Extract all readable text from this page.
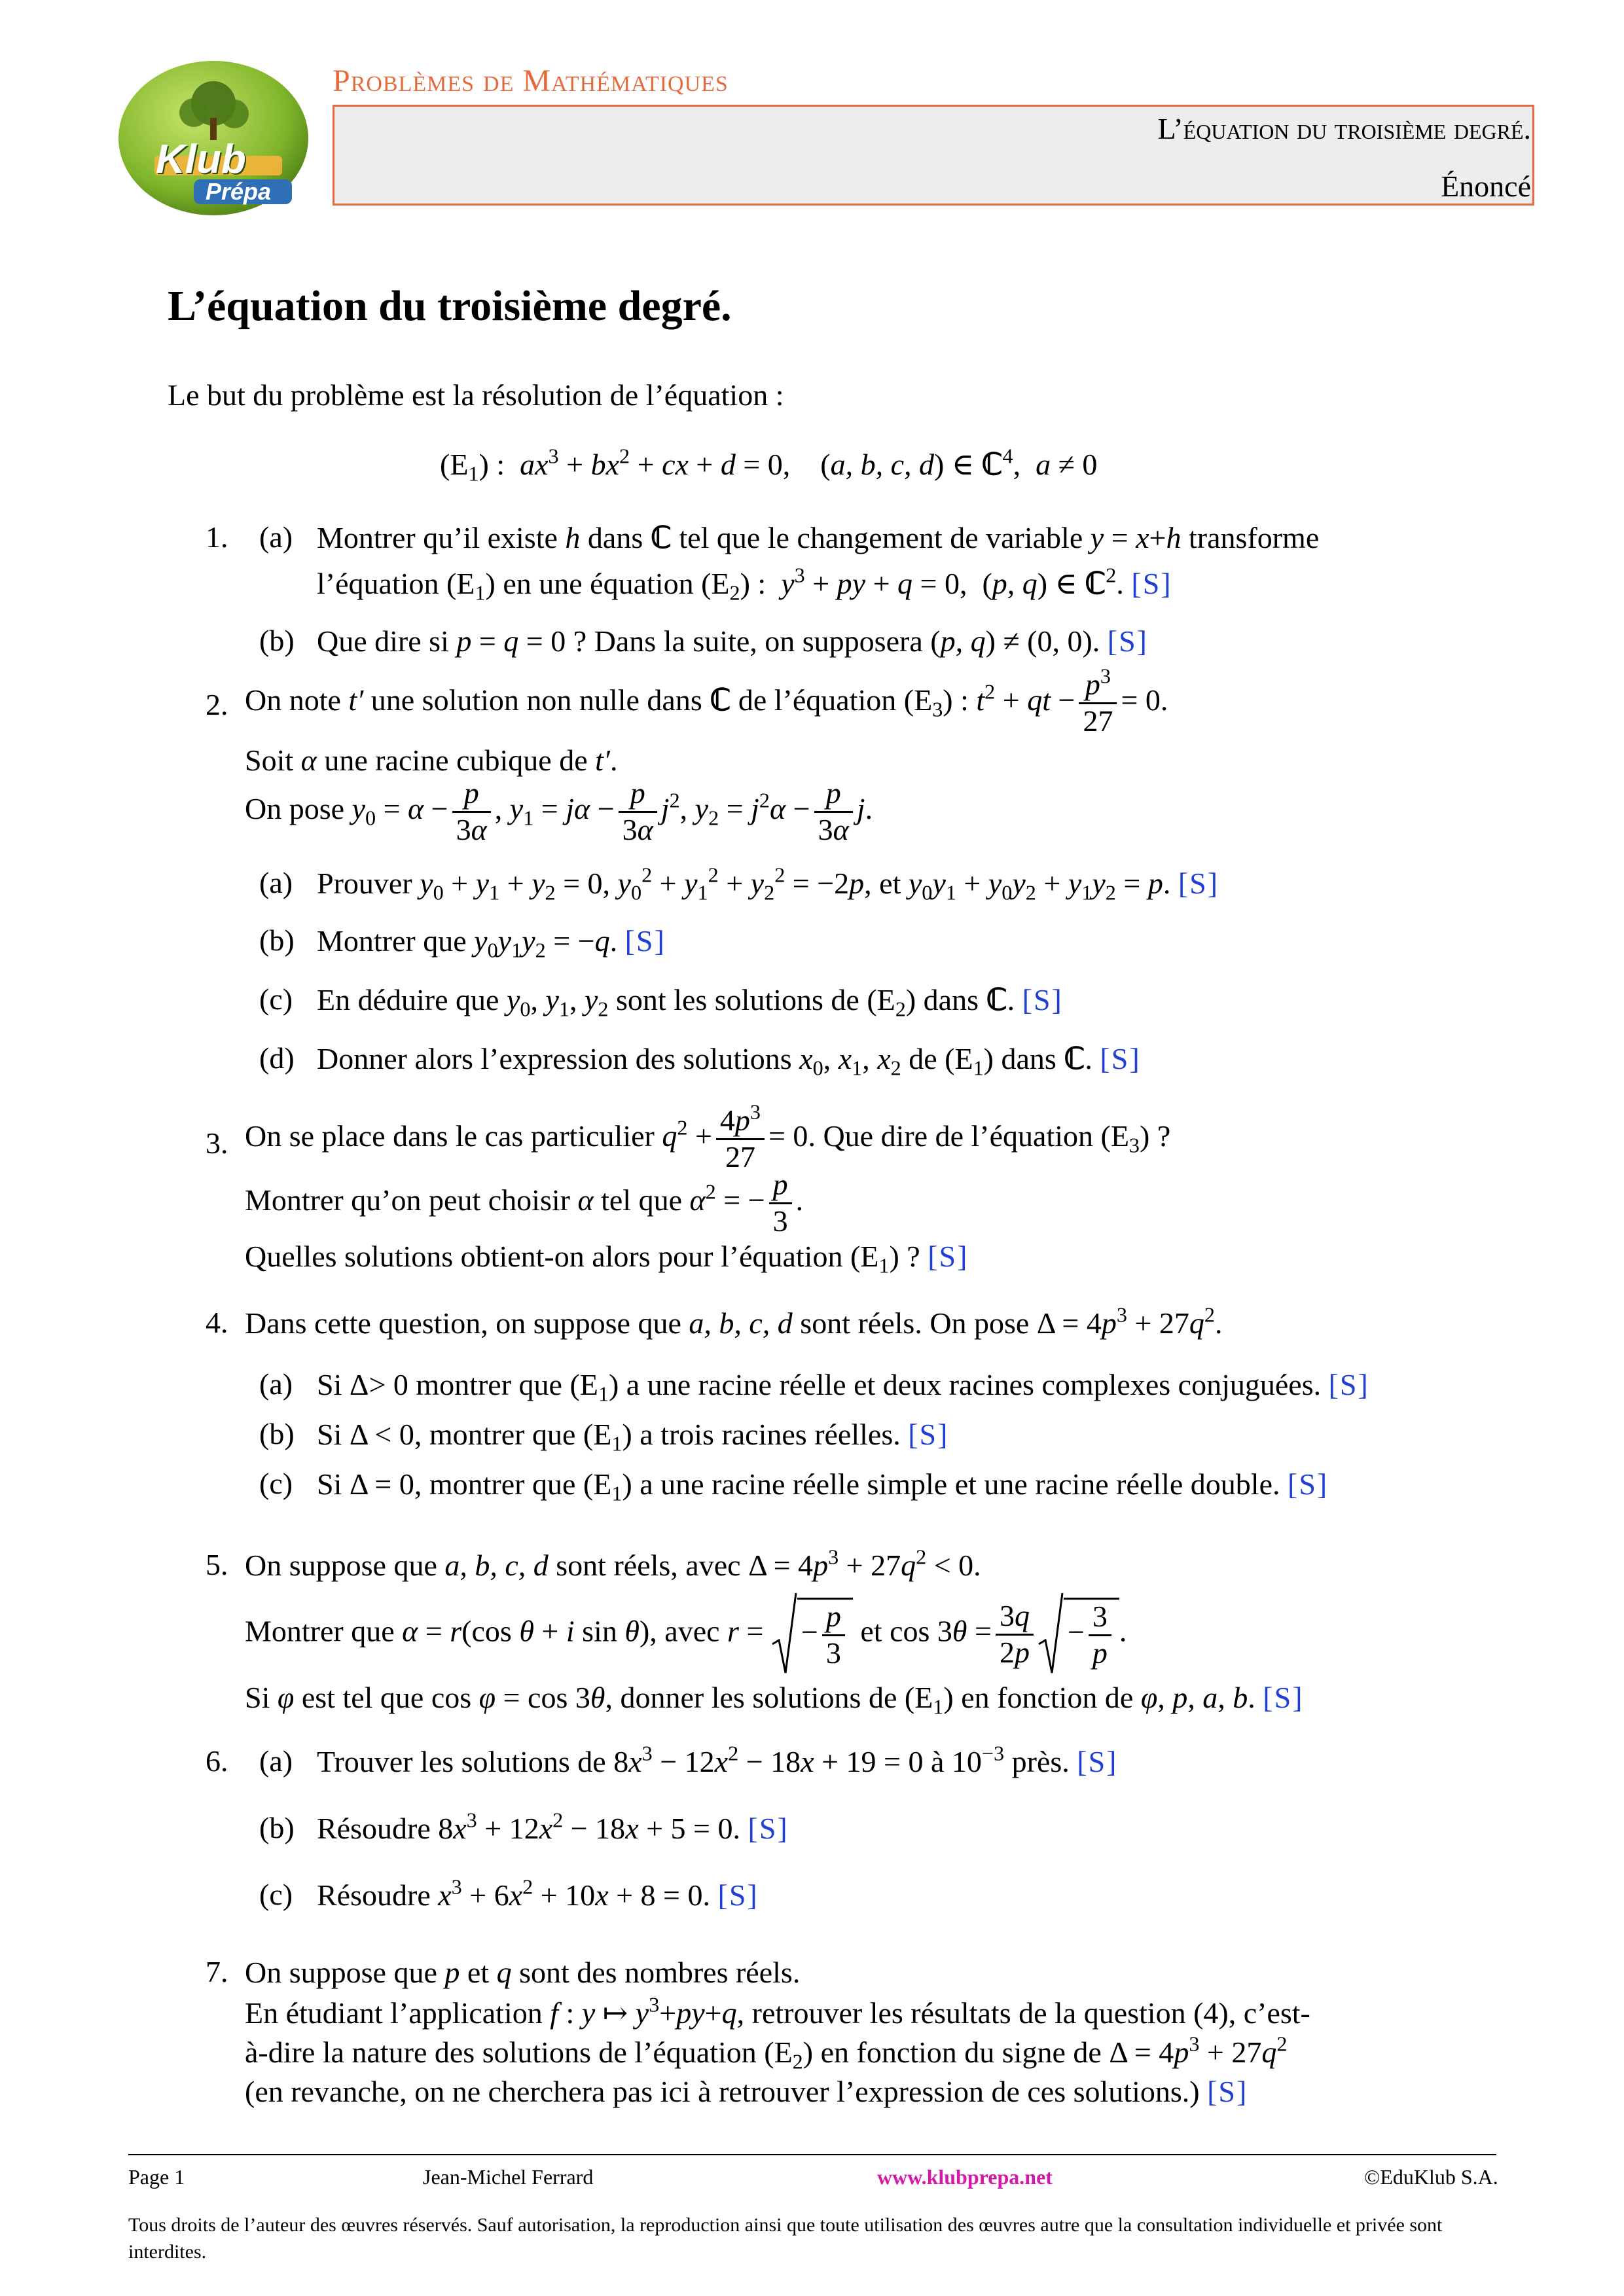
Klub
Prépa
Problèmes de Mathématiques
L’équation du troisième degré.
Énoncé
L’équation du troisième degré.
Le but du problème est la résolution de l’équation :
$(E_1)$ :  $ax^3 + bx^2$ + cx + d = 0,    (a, b, c, d) ∈ ℂ$^4$,  a ≠ 0
1. (a) Montrer qu’il existe h dans ℂ tel que le changement de variable y = x+h transforme
l’équation $(E_1)$ en une équation $(E_2)$ :  $y^3$ + py + q = 0,  (p, q) ∈ ℂ$^2$. [S]
(b) Que dire si p = q = 0 ? Dans la suite, on supposera (p, q) ≠ (0, 0). [S]
2. On note t′ une solution non nulle dans ℂ de l’équation $(E_3)$ : $t^2$ + qt − $\frac{p^3}{27} = 0$.
Soit α une racine cubique de t′.
On pose $y_0 = \alpha - \frac{p}{3\alpha}$ , $y_1 = j\alpha - \frac{p}{3\alpha} j^2$, $y_2 = j^2\alpha - \frac{p}{3\alpha} j$.
(a) Prouver $y_0 + y_1 + y_2 = 0$, $y_0^2 + y_1^2 + y_2^2 = -2p$, et $y_0y_1 + y_0y_2 + y_1y_2 = p$. [S]
(b) Montrer que $y_0y_1y_2 = -q$. [S]
(c) En déduire que $y_0$, $y_1$, $y_2$ sont les solutions de $(E_2)$ dans ℂ. [S]
(d) Donner alors l’expression des solutions $x_0$, $x_1$, $x_2$ de $(E_1)$ dans ℂ. [S]
3. On se place dans le cas particulier $q^2 + \frac{4p^3}{27} = 0$. Que dire de l’équation $(E_3)$ ?
Montrer qu’on peut choisir α tel que $\alpha^2$ = − $\frac{p}{3}$ .
Quelles solutions obtient-on alors pour l’équation $(E_1)$ ? [S]
4. Dans cette question, on suppose que a, b, c, d sont réels. On pose $\Delta = 4p^3 + 27q^2$.
(a) Si Δ> 0 montrer que $(E_1)$ a une racine réelle et deux racines complexes conjuguées. [S]
(b) Si Δ < 0, montrer que $(E_1)$ a trois racines réelles. [S]
(c) Si Δ = 0, montrer que $(E_1)$ a une racine réelle simple et une racine réelle double. [S]
5. On suppose que a, b, c, d sont réels, avec $\Delta = 4p^3 + 27q^2 < 0$.
Montrer que α = r(cos θ + i sin θ), avec r = − $\frac{p}{3}$ et $\cos 3\theta = \frac{3q}{2p} - \frac{3}{p}$ .
Si φ est tel que cos φ = cos 3θ, donner les solutions de $(E_1)$ en fonction de φ, p, a, b. [S]
6. (a) Trouver les solutions de $8x^3 - 12x^2 - 18x + 19 = 0$ à $10^{-3}$ près. [S]
(b) Résoudre $8x^3 + 12x^2 - 18x + 5 = 0$. [S]
(c) Résoudre $x^3 + 6x^2 + 10x + 8 = 0$. [S]
7. On suppose que p et q sont des nombres réels.
En étudiant l’application f : y ↦ $y^3+py+q$, retrouver les résultats de la question (4), c’est-
à-dire la nature des solutions de l’équation $(E_2)$ en fonction du signe de $\Delta = 4p^3 + 27q^2$
(en revanche, on ne cherchera pas ici à retrouver l’expression de ces solutions.) [S]
Page 1	Jean-Michel Ferrard	www.klubprepa.net	©EduKlub S.A.
Tous droits de l’auteur des œuvres réservés. Sauf autorisation, la reproduction ainsi que toute utilisation des œuvres autre que la consultation individuelle et privée sont interdites.
